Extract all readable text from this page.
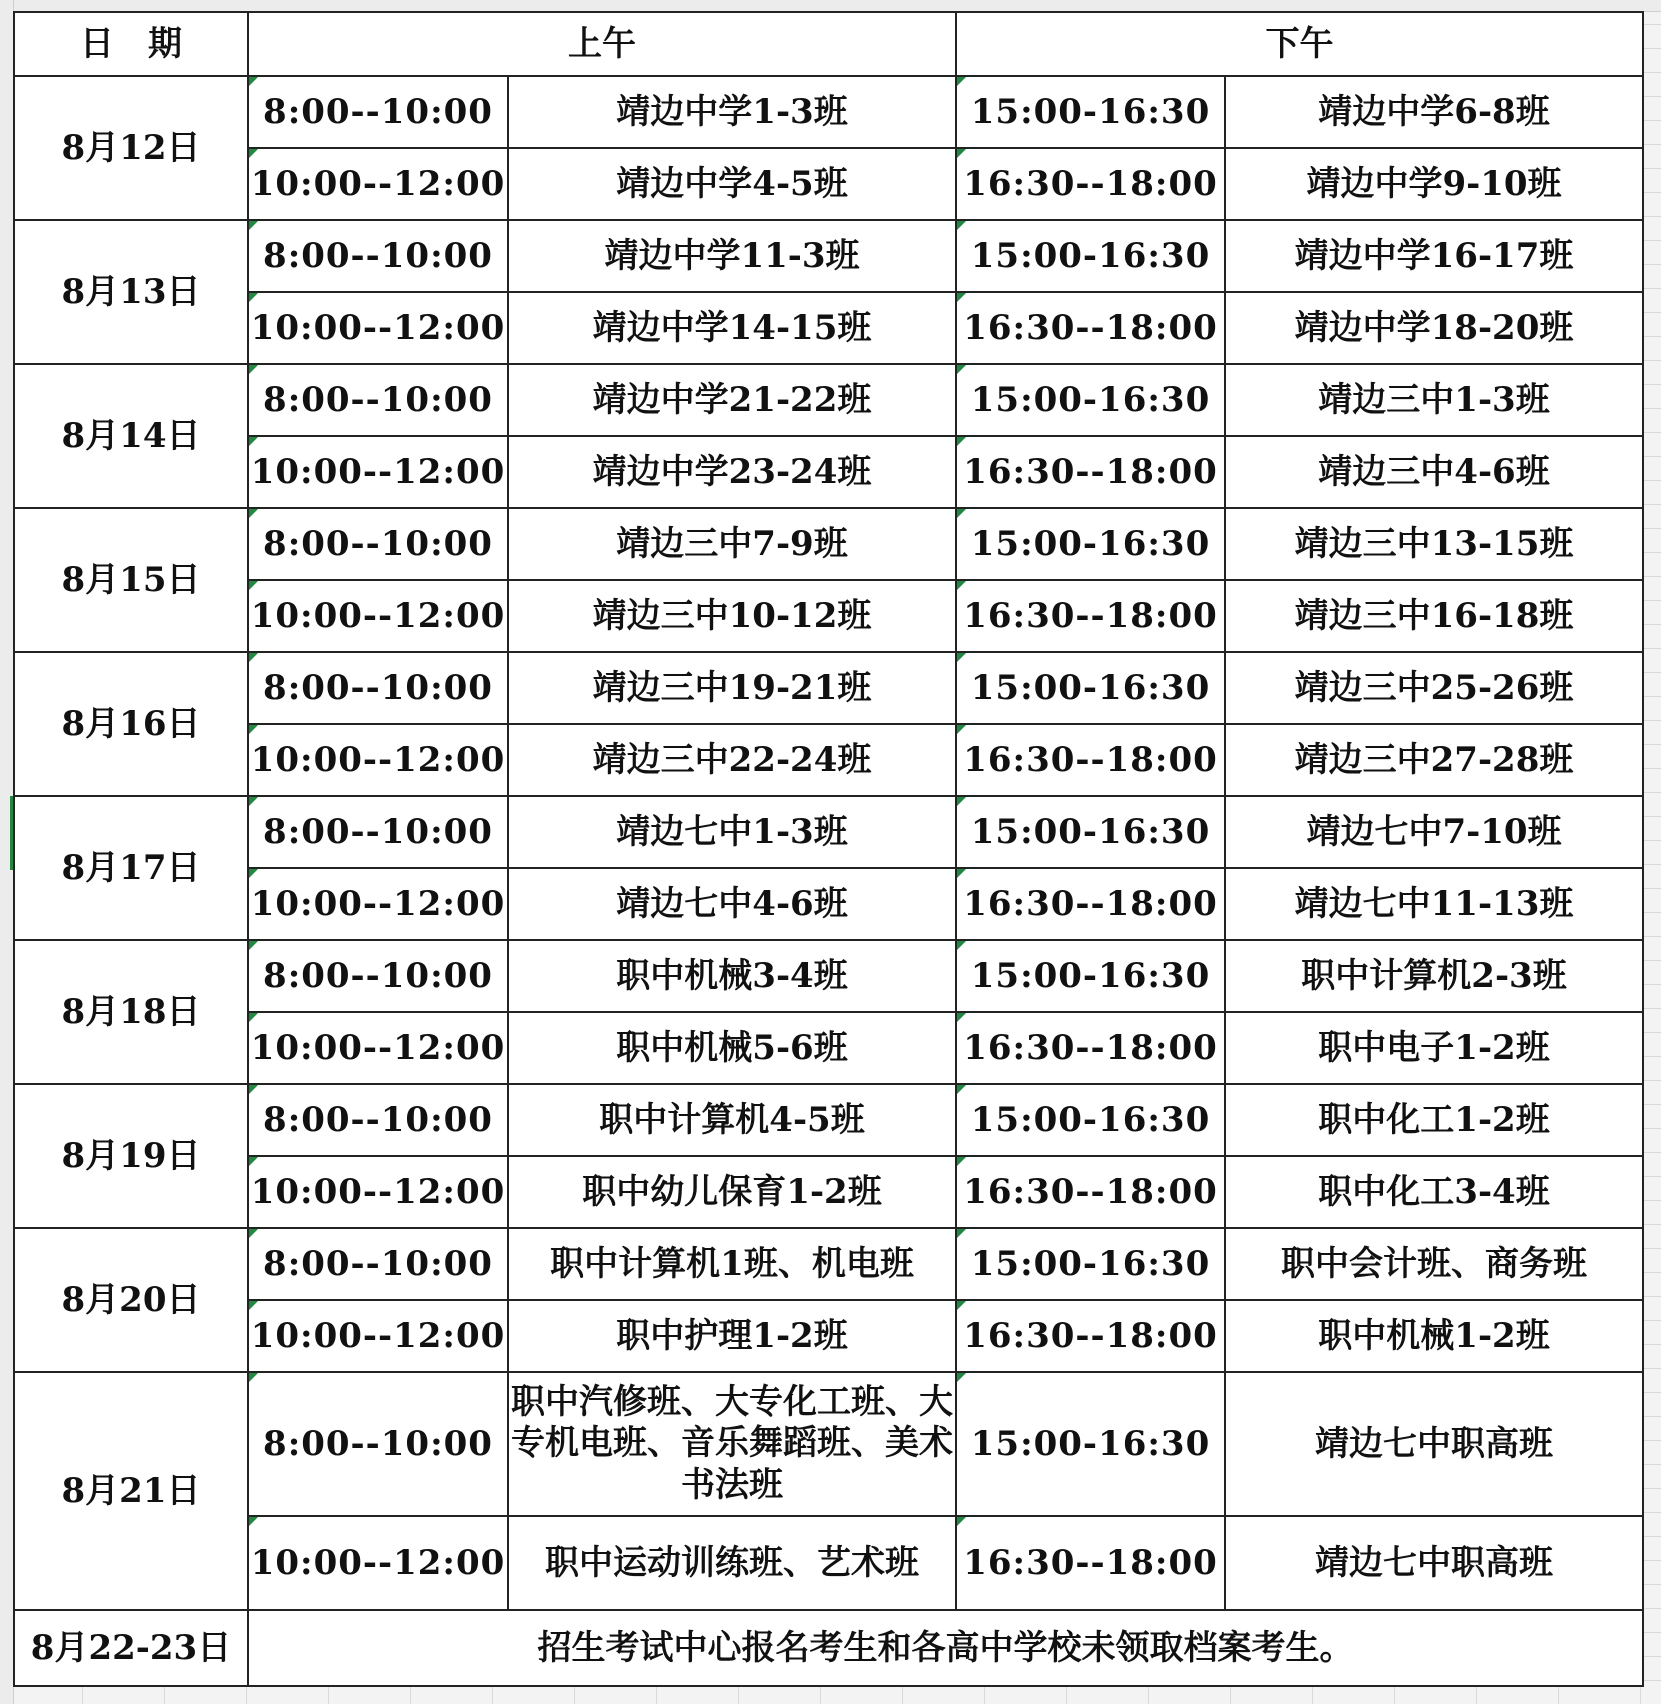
日　期	上午		下午	
8月12日	8:00--10:00	靖边中学1-3班	15:00-16:30	靖边中学6-8班
	10:00--12:00	靖边中学4-5班	16:30--18:00	靖边中学9-10班
8月13日	8:00--10:00	靖边中学11-3班	15:00-16:30	靖边中学16-17班
	10:00--12:00	靖边中学14-15班	16:30--18:00	靖边中学18-20班
8月14日	8:00--10:00	靖边中学21-22班	15:00-16:30	靖边三中1-3班
	10:00--12:00	靖边中学23-24班	16:30--18:00	靖边三中4-6班
8月15日	8:00--10:00	靖边三中7-9班	15:00-16:30	靖边三中13-15班
	10:00--12:00	靖边三中10-12班	16:30--18:00	靖边三中16-18班
8月16日	8:00--10:00	靖边三中19-21班	15:00-16:30	靖边三中25-26班
	10:00--12:00	靖边三中22-24班	16:30--18:00	靖边三中27-28班
8月17日	8:00--10:00	靖边七中1-3班	15:00-16:30	靖边七中7-10班
	10:00--12:00	靖边七中4-6班	16:30--18:00	靖边七中11-13班
8月18日	8:00--10:00	职中机械3-4班	15:00-16:30	职中计算机2-3班
	10:00--12:00	职中机械5-6班	16:30--18:00	职中电子1-2班
8月19日	8:00--10:00	职中计算机4-5班	15:00-16:30	职中化工1-2班
	10:00--12:00	职中幼儿保育1-2班	16:30--18:00	职中化工3-4班
8月20日	8:00--10:00	职中计算机1班、机电班	15:00-16:30	职中会计班、商务班
	10:00--12:00	职中护理1-2班	16:30--18:00	职中机械1-2班
8月21日	8:00--10:00	职中汽修班、大专化工班、大专机电班、音乐舞蹈班、美术书法班	15:00-16:30	靖边七中职高班
	10:00--12:00	职中运动训练班、艺术班	16:30--18:00	靖边七中职高班
8月22-23日	招生考试中心报名考生和各高中学校未领取档案考生。			
